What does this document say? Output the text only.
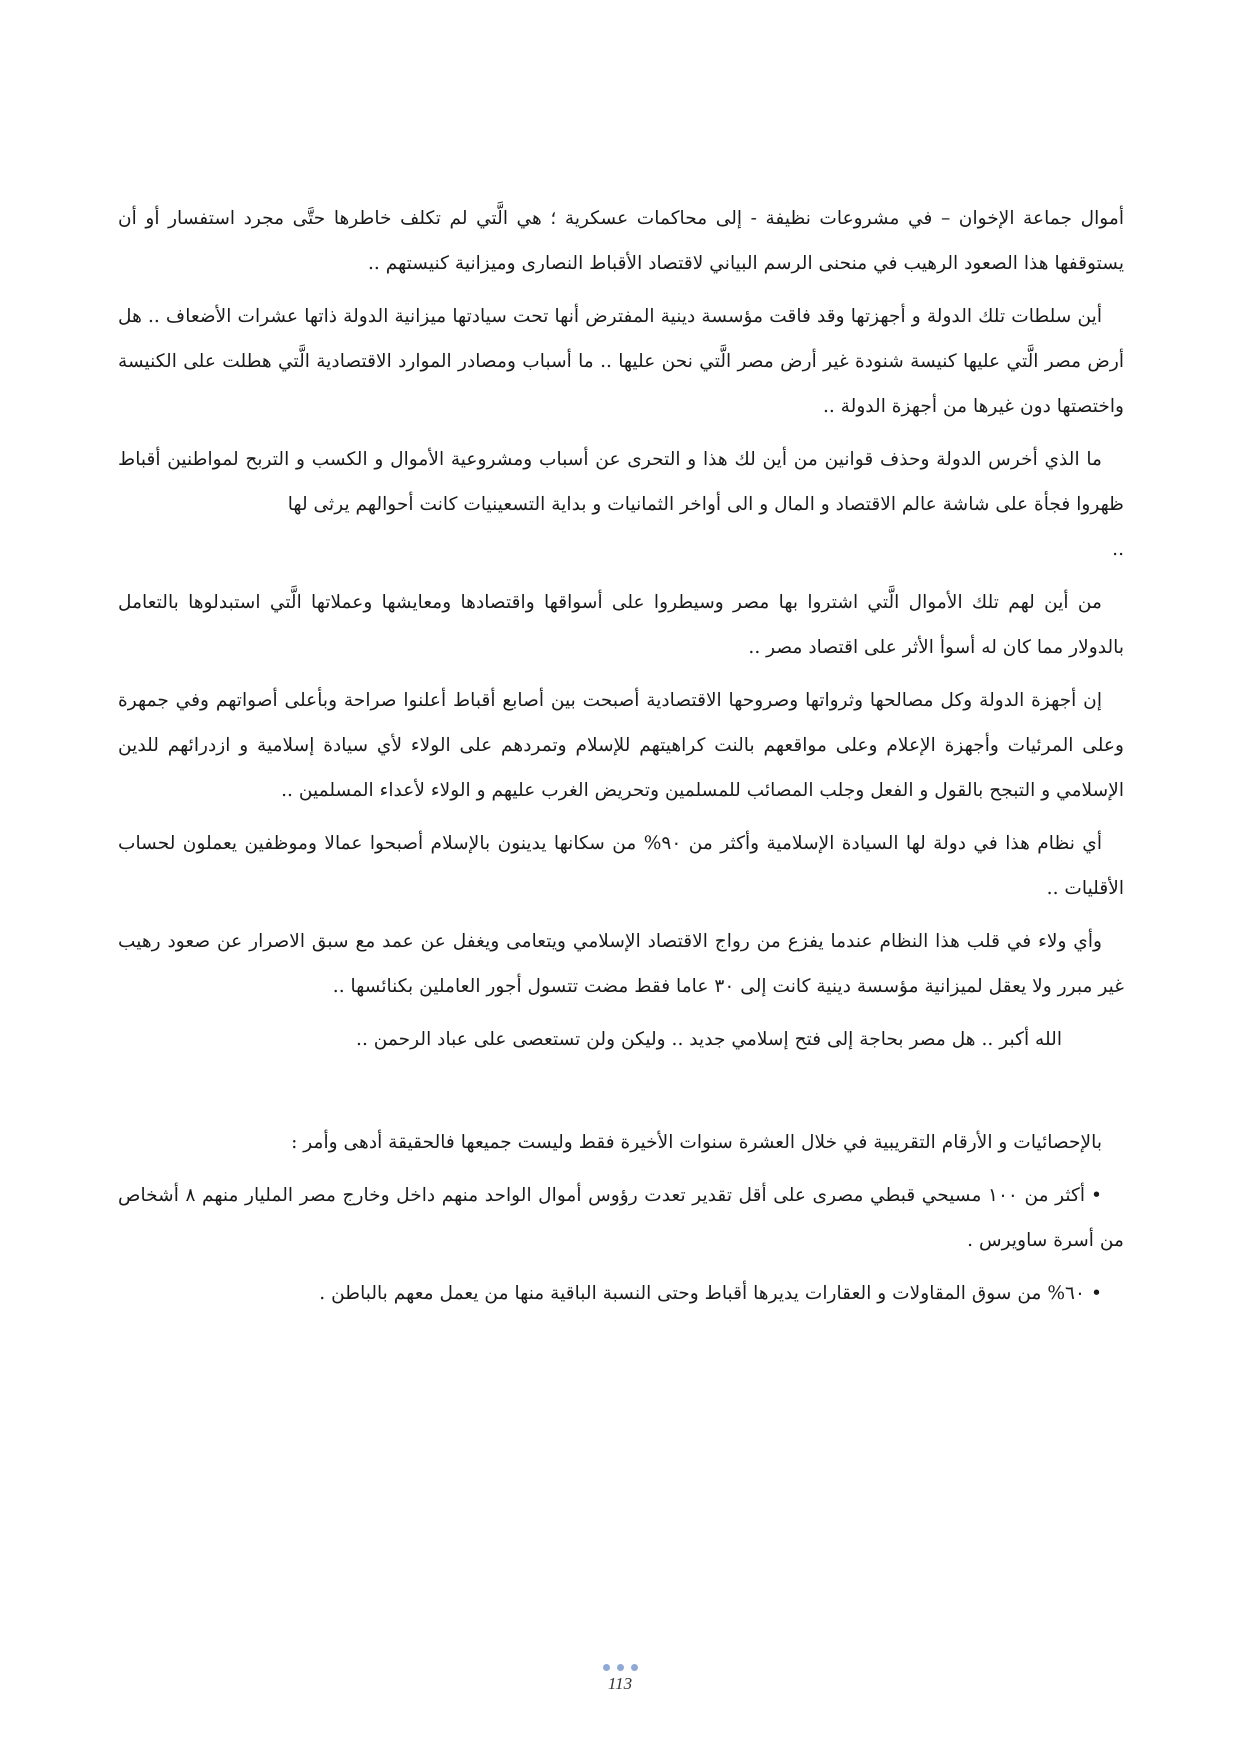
أموال جماعة الإخوان – في مشروعات نظيفة - إلى محاكمات عسكرية ؛ هي الَّتي لم تكلف خاطرها حتَّى مجرد استفسار أو أن يستوقفها هذا الصعود الرهيب في منحنى الرسم البياني لاقتصاد الأقباط النصارى وميزانية كنيستهم ..

أين سلطات تلك الدولة و أجهزتها وقد فاقت مؤسسة دينية المفترض أنها تحت سيادتها ميزانية الدولة ذاتها عشرات الأضعاف .. هل أرض مصر الَّتي عليها كنيسة شنودة غير أرض مصر الَّتي نحن عليها .. ما أسباب ومصادر الموارد الاقتصادية الَّتي هطلت على الكنيسة واختصتها دون غيرها من أجهزة الدولة ..

ما الذي أخرس الدولة وحذف قوانين من أين لك هذا و التحرى عن أسباب ومشروعية الأموال و الكسب و التربح لمواطنين أقباط ظهروا فجأة على شاشة عالم الاقتصاد و المال و الى أواخر الثمانيات و بداية التسعينيات كانت أحوالهم يرثى لها
..

من أين لهم تلك الأموال الَّتي اشتروا بها مصر وسيطروا على أسواقها واقتصادها ومعايشها وعملاتها الَّتي استبدلوها بالتعامل بالدولار مما كان له أسوأ الأثر على اقتصاد مصر ..

إن أجهزة الدولة وكل مصالحها وثرواتها وصروحها الاقتصادية أصبحت بين أصابع أقباط أعلنوا صراحة وبأعلى أصواتهم وفي جمهرة وعلى المرئيات وأجهزة الإعلام وعلى مواقعهم بالنت كراهيتهم للإسلام وتمردهم على الولاء لأي سيادة إسلامية و ازدرائهم للدين الإسلامي و التبجح بالقول و الفعل وجلب المصائب للمسلمين وتحريض الغرب عليهم و الولاء لأعداء المسلمين ..

أي نظام هذا في دولة لها السيادة الإسلامية وأكثر من ٩٠% من سكانها يدينون بالإسلام أصبحوا عمالا وموظفين يعملون لحساب الأقليات ..

وأي ولاء في قلب هذا النظام عندما يفزع من رواج الاقتصاد الإسلامي ويتعامى ويغفل عن عمد مع سبق الاصرار عن صعود رهيب غير مبرر ولا يعقل لميزانية مؤسسة دينية كانت إلى ٣٠ عاما فقط مضت تتسول أجور العاملين بكنائسها ..

الله أكبر .. هل مصر بحاجة إلى فتح إسلامي جديد .. وليكن ولن تستعصى على عباد الرحمن ..

بالإحصائيات و الأرقام التقريبية في خلال العشرة سنوات الأخيرة فقط وليست جميعها فالحقيقة أدهى وأمر :

•أكثر من ١٠٠ مسيحي قبطي مصرى على أقل تقدير تعدت رؤوس أموال الواحد منهم داخل وخارج مصر المليار منهم ٨ أشخاص من أسرة ساويرس .

•٦٠% من سوق المقاولات و العقارات يديرها أقباط وحتى النسبة الباقية منها من يعمل معهم بالباطن .

113
